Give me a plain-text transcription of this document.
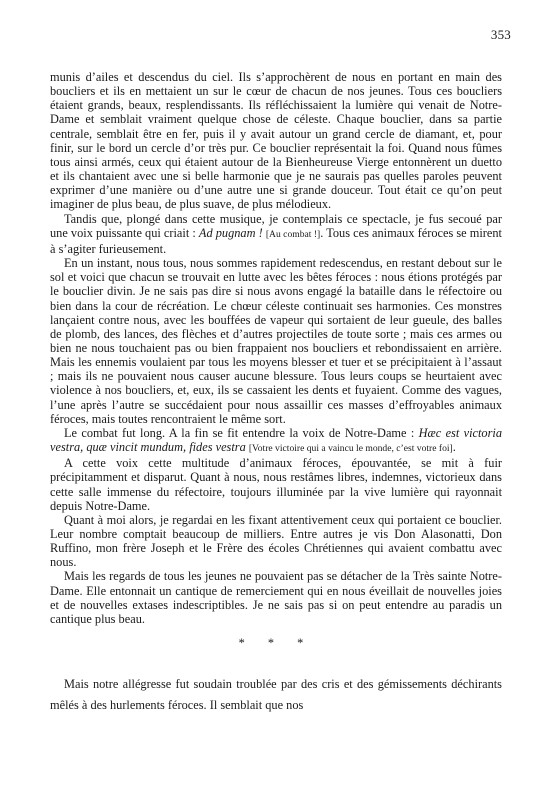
353

munis d’ailes et descendus du ciel. Ils s’approchèrent de nous en portant en main des boucliers et ils en mettaient un sur le cœur de chacun de nos jeunes. Tous ces boucliers étaient grands, beaux, resplendissants. Ils réfléchissaient la lumière qui venait de Notre-Dame et semblait vraiment quelque chose de céleste. Chaque bouclier, dans sa partie centrale, semblait être en fer, puis il y avait autour un grand cercle de diamant, et, pour finir, sur le bord un cercle d’or très pur. Ce bouclier représentait la foi. Quand nous fûmes tous ainsi armés, ceux qui étaient autour de la Bienheureuse Vierge entonnèrent un duetto et ils chantaient avec une si belle harmonie que je ne saurais pas quelles paroles peuvent exprimer d’une manière ou d’une autre une si grande douceur. Tout était ce qu’on peut imaginer de plus beau, de plus suave, de plus mélodieux.

Tandis que, plongé dans cette musique, je contemplais ce spectacle, je fus secoué par une voix puissante qui criait : Ad pugnam ! [Au combat !]. Tous ces animaux féroces se mirent à s’agiter furieusement.

En un instant, nous tous, nous sommes rapidement redescendus, en restant debout sur le sol et voici que chacun se trouvait en lutte avec les bêtes féroces : nous étions protégés par le bouclier divin. Je ne sais pas dire si nous avons engagé la bataille dans le réfectoire ou bien dans la cour de récréation. Le chœur céleste continuait ses harmonies. Ces monstres lançaient contre nous, avec les bouffées de vapeur qui sortaient de leur gueule, des balles de plomb, des lances, des flèches et d’autres projectiles de toute sorte ; mais ces armes ou bien ne nous touchaient pas ou bien frappaient nos boucliers et rebondissaient en arrière. Mais les ennemis voulaient par tous les moyens blesser et tuer et se précipitaient à l’assaut ; mais ils ne pouvaient nous causer aucune blessure. Tous leurs coups se heurtaient avec violence à nos boucliers, et, eux, ils se cassaient les dents et fuyaient. Comme des vagues, l’une après l’autre se succédaient pour nous assaillir ces masses d’effroyables animaux féroces, mais toutes rencontraient le même sort.

Le combat fut long. A la fin se fit entendre la voix de Notre-Dame : Hæc est victoria vestra, quæ vincit mundum, fides vestra [Votre victoire qui a vaincu le monde, c’est votre foi].

A cette voix cette multitude d’animaux féroces, épouvantée, se mit à fuir précipitamment et disparut. Quant à nous, nous restâmes libres, indemnes, victorieux dans cette salle immense du réfectoire, toujours illuminée par la vive lumière qui rayonnait depuis Notre-Dame.

Quant à moi alors, je regardai en les fixant attentivement ceux qui portaient ce bouclier. Leur nombre comptait beaucoup de milliers. Entre autres je vis Don Alasonatti, Don Ruffino, mon frère Joseph et le Frère des écoles Chrétiennes qui avaient combattu avec nous.

Mais les regards de tous les jeunes ne pouvaient pas se détacher de la Très sainte Notre-Dame. Elle entonnait un cantique de remerciement qui en nous éveillait de nouvelles joies et de nouvelles extases indescriptibles. Je ne sais pas si on peut entendre au paradis un cantique plus beau.

* * *

Mais notre allégresse fut soudain troublée par des cris et des gémissements déchirants mêlés à des hurlements féroces. Il semblait que nos
